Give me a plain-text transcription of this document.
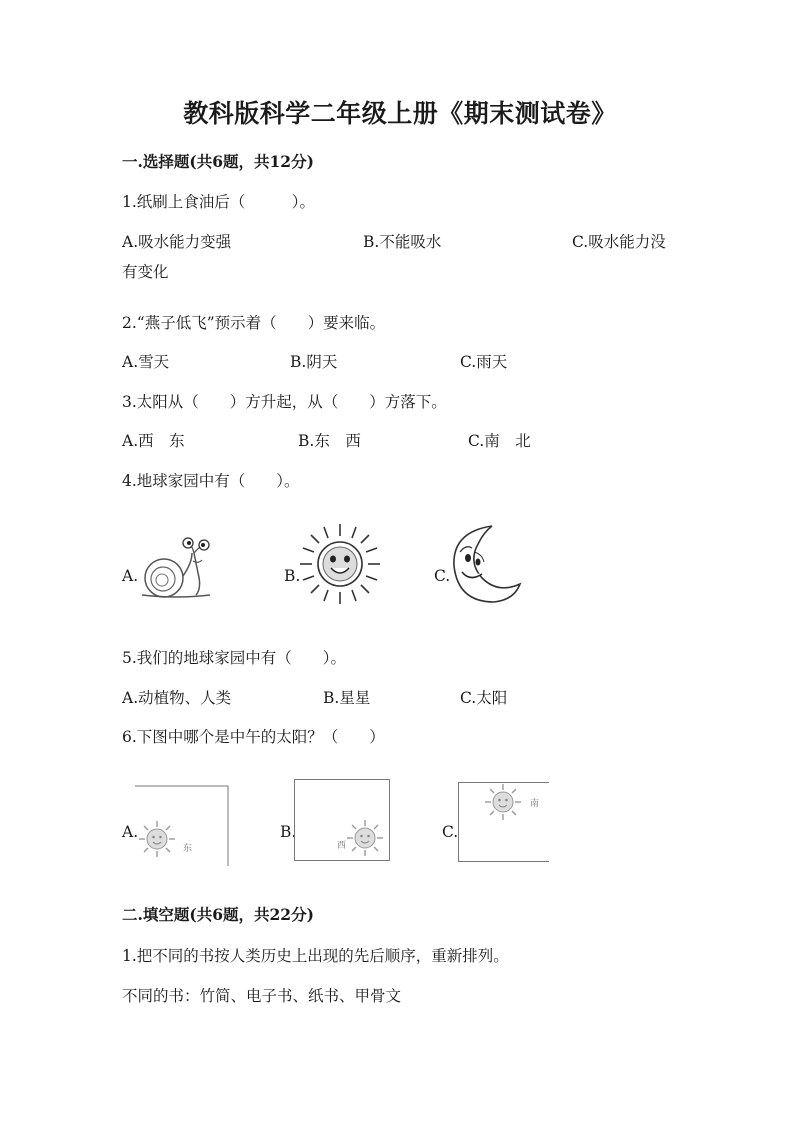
教科版科学二年级上册《期末测试卷》
一.选择题(共6题，共12分)
1.纸刷上食油后（　　　）。
A.吸水能力变强	B.不能吸水	C.吸水能力没
有变化
2.“燕子低飞”预示着（　　）要来临。
A.雪天	B.阴天	C.雨天
3.太阳从（　　）方升起，从（　　）方落下。
A.西　东	B.东　西	C.南　北
4.地球家园中有（　　）。
A.	B.	C.
5.我们的地球家园中有（　　）。
A.动植物、人类	B.星星	C.太阳
6.下图中哪个是中午的太阳？（　　）
A.	B.	C.
东	西
南
二.填空题(共6题，共22分)
1.把不同的书按人类历史上出现的先后顺序，重新排列。
不同的书：竹简、电子书、纸书、甲骨文
